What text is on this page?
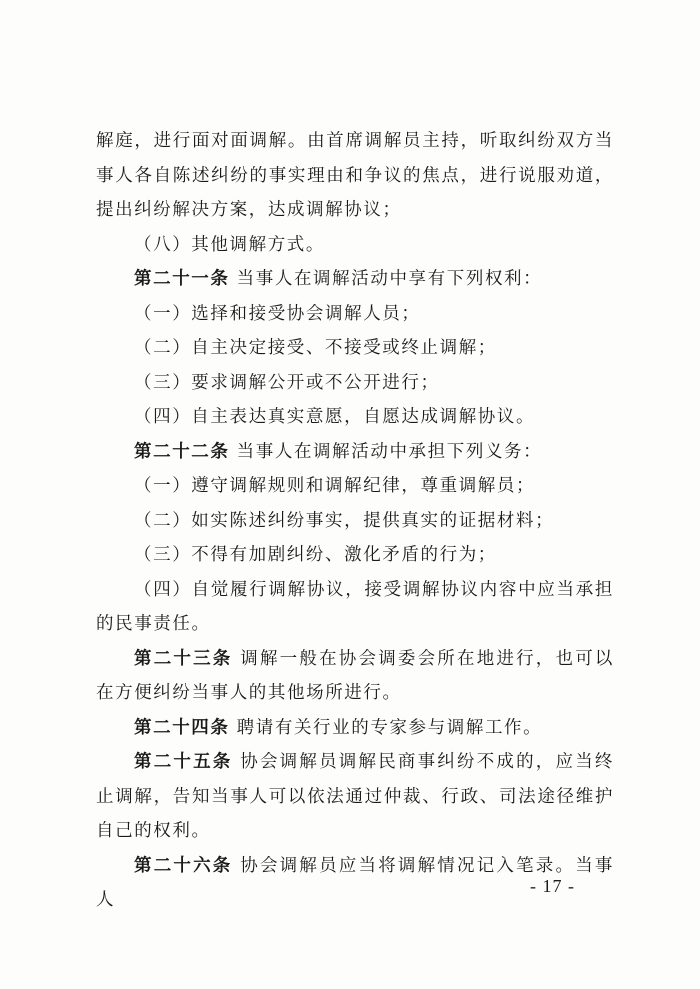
解庭，进行面对面调解。由首席调解员主持，听取纠纷双方当事人各自陈述纠纷的事实理由和争议的焦点，进行说服劝道，提出纠纷解决方案，达成调解协议；

（八）其他调解方式。

第二十一条 当事人在调解活动中享有下列权利：

（一）选择和接受协会调解人员；

（二）自主决定接受、不接受或终止调解；

（三）要求调解公开或不公开进行；

（四）自主表达真实意愿，自愿达成调解协议。

第二十二条 当事人在调解活动中承担下列义务：

（一）遵守调解规则和调解纪律，尊重调解员；

（二）如实陈述纠纷事实，提供真实的证据材料；

（三）不得有加剧纠纷、激化矛盾的行为；

（四）自觉履行调解协议，接受调解协议内容中应当承担的民事责任。

第二十三条 调解一般在协会调委会所在地进行，也可以在方便纠纷当事人的其他场所进行。

第二十四条 聘请有关行业的专家参与调解工作。

第二十五条 协会调解员调解民商事纠纷不成的，应当终止调解，告知当事人可以依法通过仲裁、行政、司法途径维护自己的权利。

第二十六条 协会调解员应当将调解情况记入笔录。当事人

- 17 -
